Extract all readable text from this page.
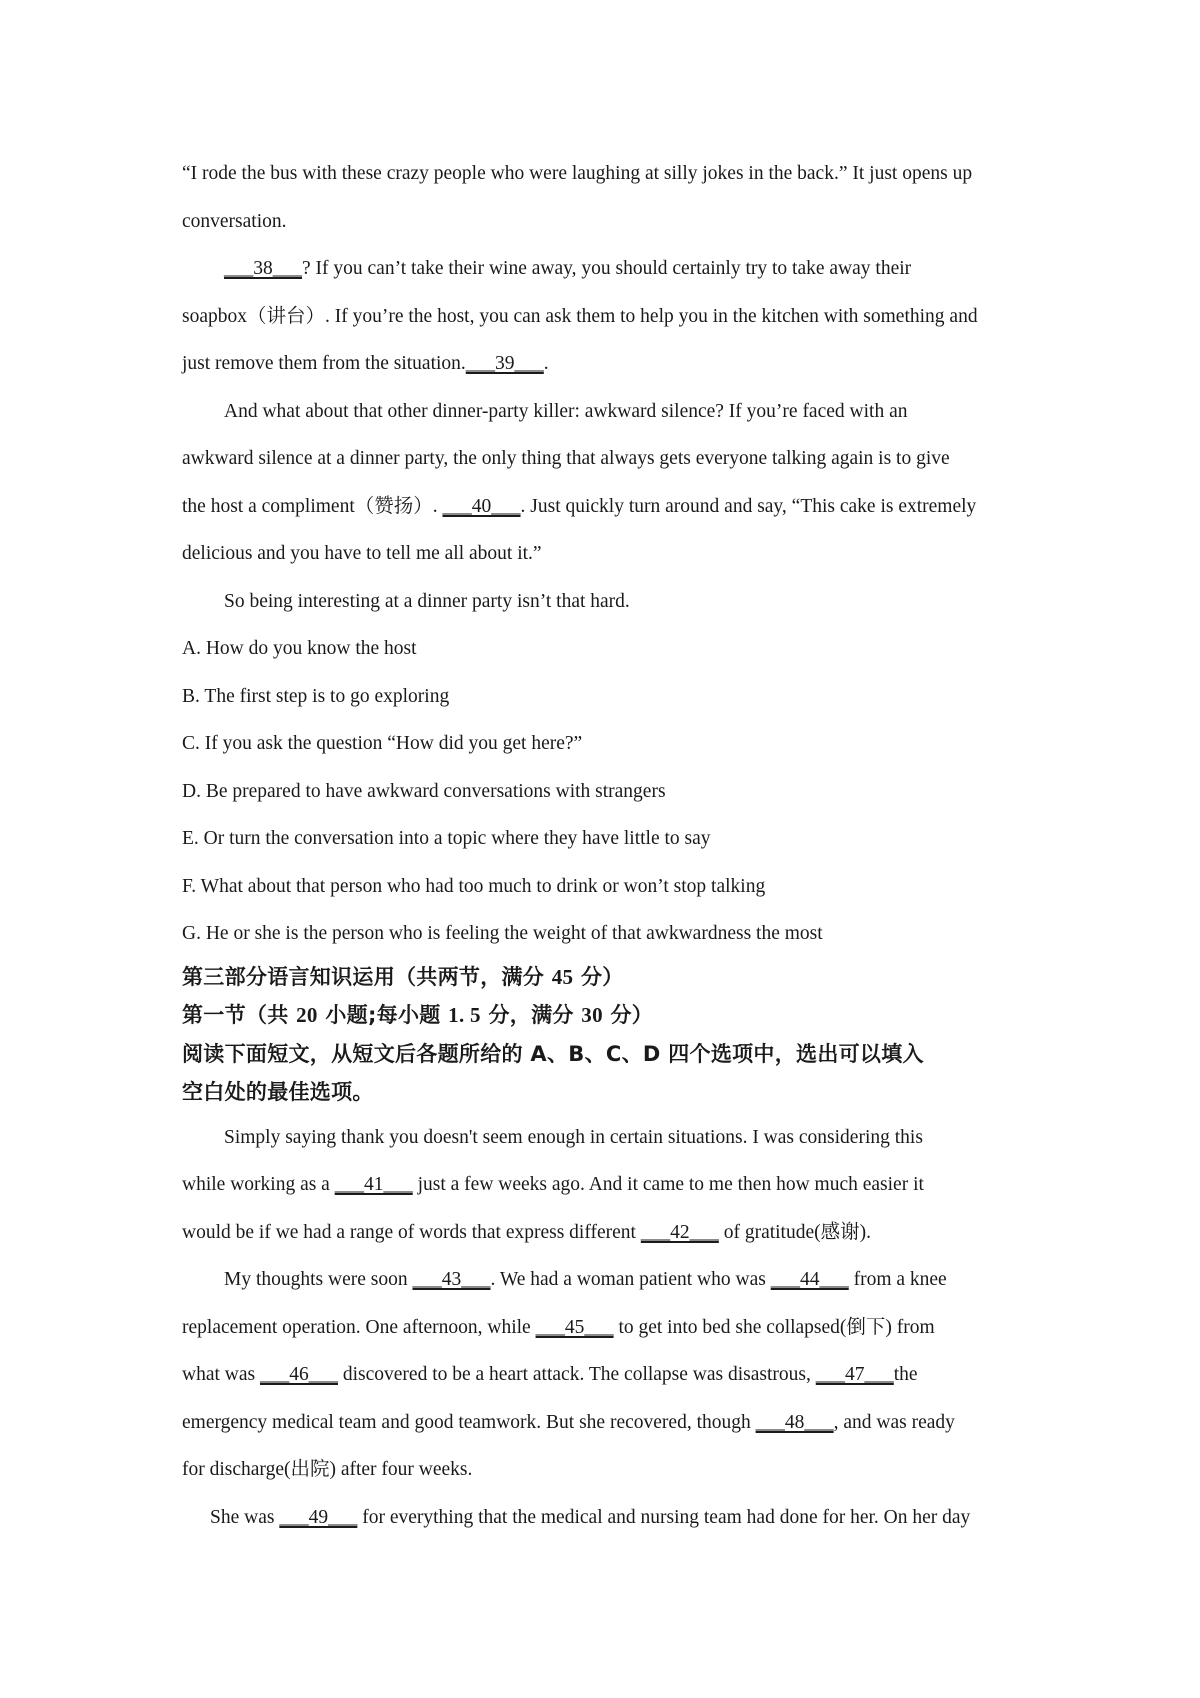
“I rode the bus with these crazy people who were laughing at silly jokes in the back.” It just opens up
conversation.
___38___? If you can’t take their wine away, you should certainly try to take away their
soapbox（讲台）. If you’re the host, you can ask them to help you in the kitchen with something and
just remove them from the situation.___39___.
And what about that other dinner-party killer: awkward silence? If you’re faced with an
awkward silence at a dinner party, the only thing that always gets everyone talking again is to give
the host a compliment（赞扬）. ___40___. Just quickly turn around and say, “This cake is extremely
delicious and you have to tell me all about it.”
So being interesting at a dinner party isn’t that hard.
A. How do you know the host
B. The first step is to go exploring
C. If you ask the question “How did you get here?”
D. Be prepared to have awkward conversations with strangers
E. Or turn the conversation into a topic where they have little to say
F. What about that person who had too much to drink or won’t stop talking
G. He or she is the person who is feeling the weight of that awkwardness the most
第三部分语言知识运用（共两节，满分 45 分）
第一节（共 20 小题;每小题 1. 5 分，满分 30 分）
阅读下面短文，从短文后各题所给的 A、B、C、D 四个选项中，选出可以填入
空白处的最佳选项。
Simply saying thank you doesn't seem enough in certain situations. I was considering this
while working as a ___41___ just a few weeks ago. And it came to me then how much easier it
would be if we had a range of words that express different ___42___ of gratitude(感谢).
My thoughts were soon ___43___. We had a woman patient who was ___44___ from a knee
replacement operation. One afternoon, while ___45___ to get into bed she collapsed(倒下) from
what was ___46___ discovered to be a heart attack. The collapse was disastrous, ___47___the
emergency medical team and good teamwork. But she recovered, though ___48___, and was ready
for discharge(出院) after four weeks.
She was ___49___ for everything that the medical and nursing team had done for her. On her day
